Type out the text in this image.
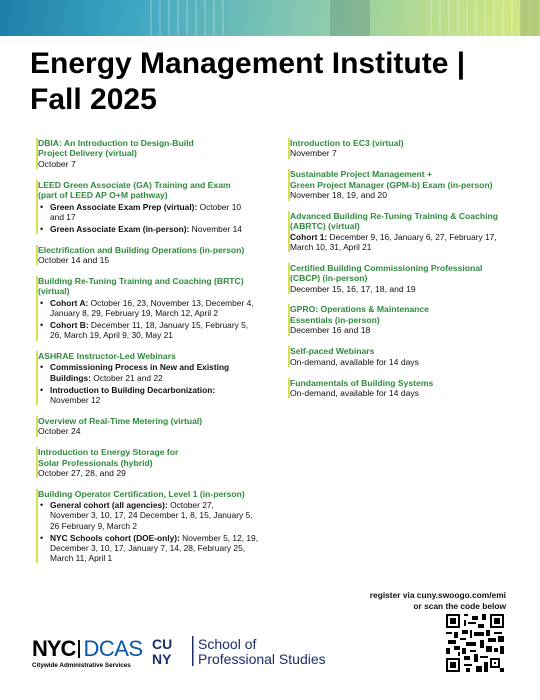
Energy Management Institute | Fall 2025
DBIA: An Introduction to Design-Build
Project Delivery (virtual)
October 7
LEED Green Associate (GA) Training and Exam
(part of LEED AP O+M pathway)
• Green Associate Exam Prep (virtual): October 10
and 17
• Green Associate Exam (in-person): November 14
Electrification and Building Operations (in-person)
October 14 and 15
Building Re-Tuning Training and Coaching (BRTC)
(virtual)
• Cohort A: October 16, 23, November 13, December 4,
January 8, 29, February 19, March 12, April 2
• Cohort B: December 11, 18, January 15, February 5,
26, March 19, April 9, 30, May 21
ASHRAE Instructor-Led Webinars
• Commissioning Process in New and Existing
Buildings: October 21 and 22
• Introduction to Building Decarbonization:
November 12
Overview of Real-Time Metering (virtual)
October 24
Introduction to Energy Storage for
Solar Professionals (hybrid)
October 27, 28, and 29
Building Operator Certification, Level 1 (in-person)
• General cohort (all agencies): October 27,
November 3, 10, 17, 24 December 1, 8, 15, January 5,
26 February 9, March 2
• NYC Schools cohort (DOE-only): November 5, 12, 19,
December 3, 10, 17, January 7, 14, 28, February 25,
March 11, April 1
Introduction to EC3 (virtual)
November 7
Sustainable Project Management +
Green Project Manager (GPM-b) Exam (in-person)
November 18, 19, and 20
Advanced Building Re-Tuning Training & Coaching
(ABRTC) (virtual)
Cohort 1: December 9, 16, January 6, 27, February 17,
March 10, 31, April 21
Certified Building Commissioning Professional
(CBCP) (in-person)
December 15, 16, 17, 18, and 19
GPRO: Operations & Maintenance
Essentials (in-person)
December 16 and 18
Self-paced Webinars
On-demand, available for 14 days
Fundamentals of Building Systems
On-demand, available for 14 days
register via cuny.swoogo.com/emi
or scan the code below
NYC DCAS
Citywide Administrative Services
CU
NY
School of
Professional Studies
